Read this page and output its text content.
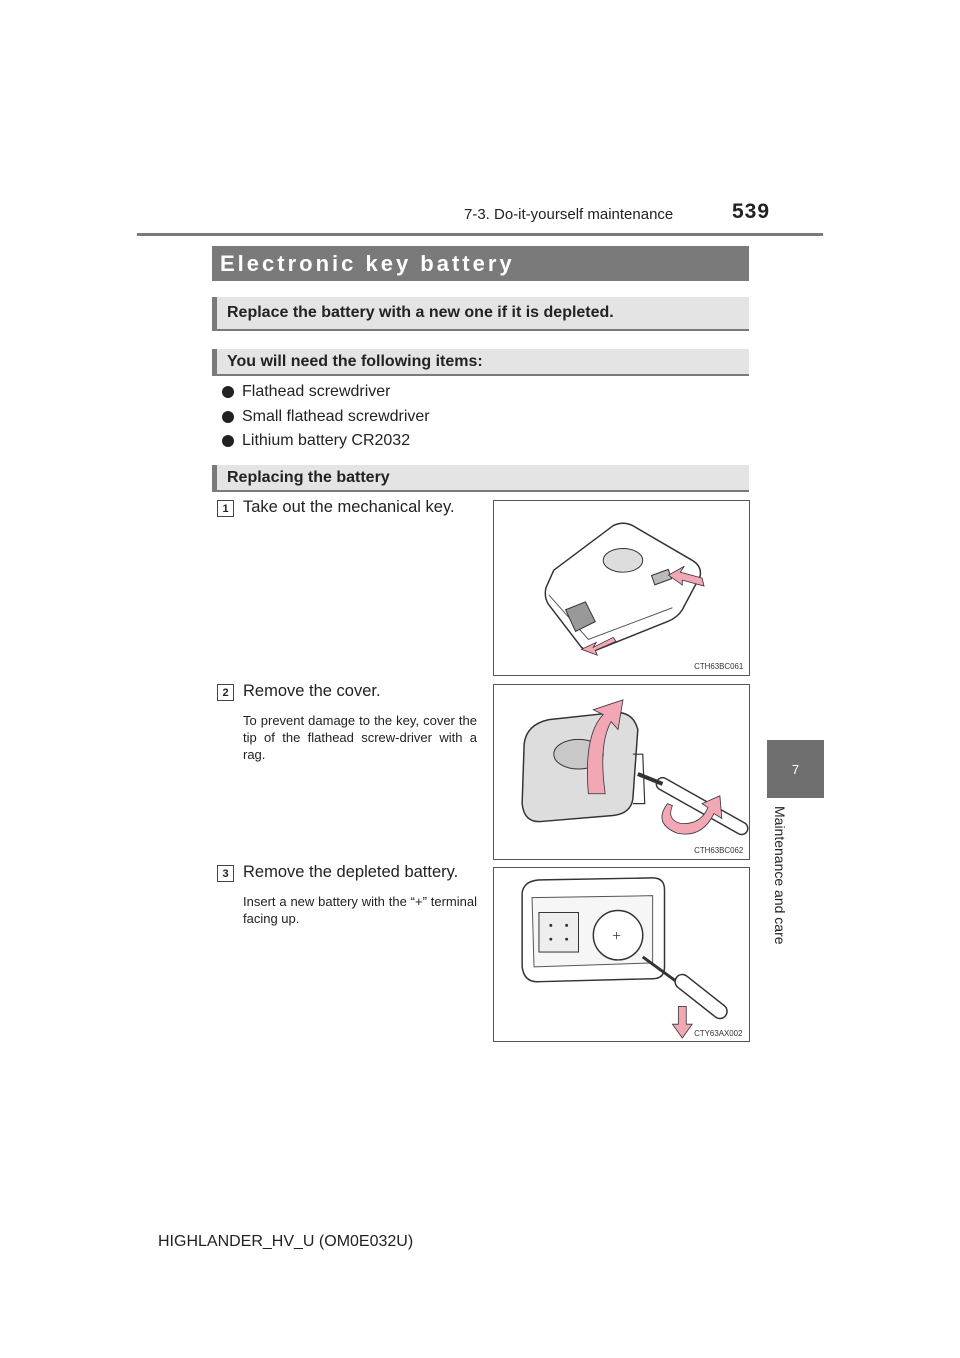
7-3. Do-it-yourself maintenance	539
7
Maintenance and care
Electronic key battery
Replace the battery with a new one if it is depleted.
You will need the following items:
Flathead screwdriver
Small flathead screwdriver
Lithium battery CR2032
Replacing the battery
1 Take out the mechanical key.
CTH63BC061
2 Remove the cover.
To prevent damage to the key, cover the tip of the flathead screw-driver with a rag.
CTH63BC062
3 Remove the depleted battery.
Insert a new battery with the “+” terminal facing up.
+
CTY63AX002
HIGHLANDER_HV_U (OM0E032U)
